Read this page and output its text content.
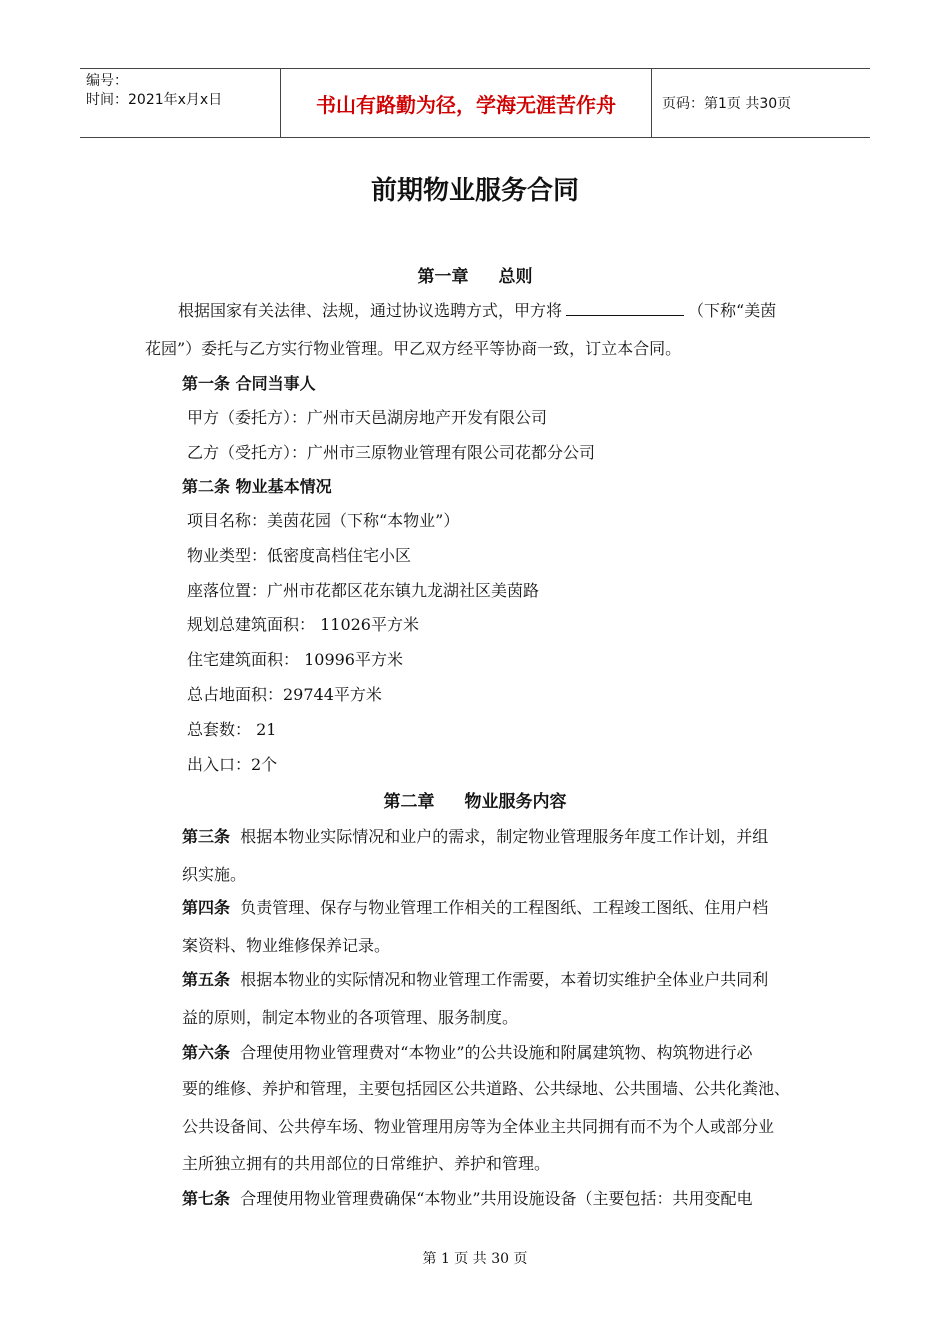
编号：
时间：2021年x月x日	书山有路勤为径，学海无涯苦作舟	页码：第1页 共30页
前期物业服务合同
第一章 总则
根据国家有关法律、法规，通过协议选聘方式，甲方将	（下称“美茵
花园”）委托与乙方实行物业管理。甲乙双方经平等协商一致，订立本合同。
第一条 合同当事人
甲方（委托方）：广州市天邑湖房地产开发有限公司
乙方（受托方）：广州市三原物业管理有限公司花都分公司
第二条 物业基本情况
项目名称：美茵花园（下称“本物业”）
物业类型：低密度高档住宅小区
座落位置：广州市花都区花东镇九龙湖社区美茵路
规划总建筑面积： 11026平方米
住宅建筑面积： 10996平方米
总占地面积：29744平方米
总套数： 21
出入口：2个
第二章 物业服务内容
第三条 根据本物业实际情况和业户的需求，制定物业管理服务年度工作计划，并组
织实施。
第四条 负责管理、保存与物业管理工作相关的工程图纸、工程竣工图纸、住用户档
案资料、物业维修保养记录。
第五条 根据本物业的实际情况和物业管理工作需要，本着切实维护全体业户共同利
益的原则，制定本物业的各项管理、服务制度。
第六条 合理使用物业管理费对“本物业”的公共设施和附属建筑物、构筑物进行必
要的维修、养护和管理，主要包括园区公共道路、公共绿地、公共围墙、公共化粪池、
公共设备间、公共停车场、物业管理用房等为全体业主共同拥有而不为个人或部分业
主所独立拥有的共用部位的日常维护、养护和管理。
第七条 合理使用物业管理费确保“本物业”共用设施设备（主要包括：共用变配电
第 1 页 共 30 页
